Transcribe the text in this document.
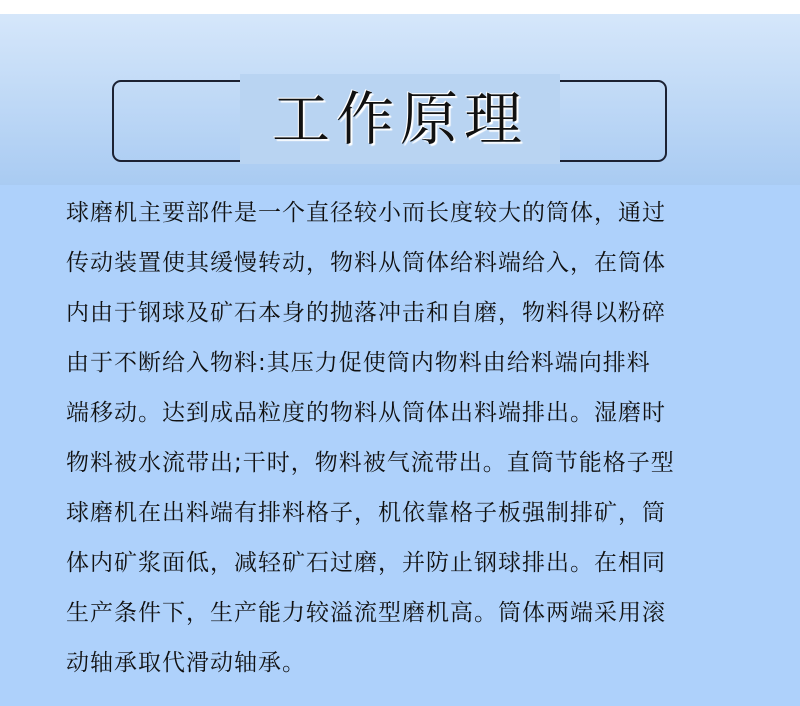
工作原理
球磨机主要部件是一个直径较小而长度较大的筒体，通过
传动装置使其缓慢转动，物料从筒体给料端给入，在筒体
内由于钢球及矿石本身的抛落冲击和自磨，物料得以粉碎
由于不断给入物料:其压力促使筒内物料由给料端向排料
端移动。达到成品粒度的物料从筒体出料端排出。湿磨时
物料被水流带出;干时，物料被气流带出。直筒节能格子型
球磨机在出料端有排料格子，机依靠格子板强制排矿，筒
体内矿浆面低，减轻矿石过磨，并防止钢球排出。在相同
生产条件下，生产能力较溢流型磨机高。筒体两端采用滚
动轴承取代滑动轴承。
